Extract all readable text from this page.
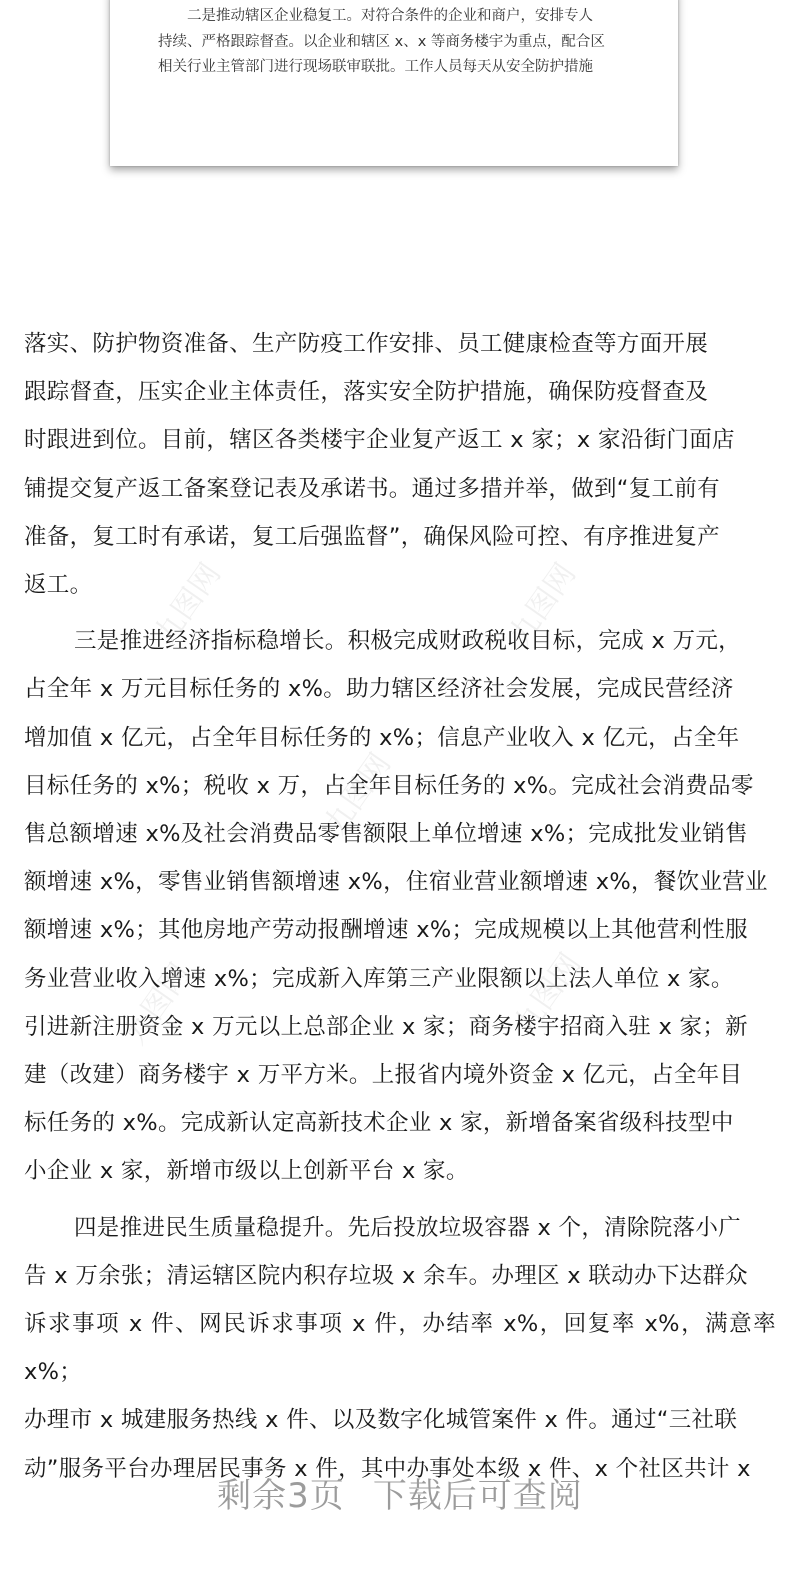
二是推动辖区企业稳复工。对符合条件的企业和商户，安排专人
持续、严格跟踪督查。以企业和辖区 x、x 等商务楼宇为重点，配合区
相关行业主管部门进行现场联审联批。工作人员每天从安全防护措施

落实、防护物资准备、生产防疫工作安排、员工健康检查等方面开展
跟踪督查，压实企业主体责任，落实安全防护措施，确保防疫督查及
时跟进到位。目前，辖区各类楼宇企业复产返工 x 家；x 家沿街门面店
铺提交复产返工备案登记表及承诺书。通过多措并举，做到“复工前有
准备，复工时有承诺，复工后强监督”，确保风险可控、有序推进复产
返工。

三是推进经济指标稳增长。积极完成财政税收目标，完成 x 万元，
占全年 x 万元目标任务的 x%。助力辖区经济社会发展，完成民营经济
增加值 x 亿元，占全年目标任务的 x%；信息产业收入 x 亿元，占全年
目标任务的 x%；税收 x 万，占全年目标任务的 x%。完成社会消费品零
售总额增速 x%及社会消费品零售额限上单位增速 x%；完成批发业销售
额增速 x%，零售业销售额增速 x%，住宿业营业额增速 x%，餐饮业营业
额增速 x%；其他房地产劳动报酬增速 x%；完成规模以上其他营利性服
务业营业收入增速 x%；完成新入库第三产业限额以上法人单位 x 家。
引进新注册资金 x 万元以上总部企业 x 家；商务楼宇招商入驻 x 家；新
建（改建）商务楼宇 x 万平方米。上报省内境外资金 x 亿元，占全年目
标任务的 x%。完成新认定高新技术企业 x 家，新增备案省级科技型中
小企业 x 家，新增市级以上创新平台 x 家。

四是推进民生质量稳提升。先后投放垃圾容器 x 个，清除院落小广
告 x 万余张；清运辖区院内积存垃圾 x 余车。办理区 x 联动办下达群众
诉求事项 x 件、网民诉求事项 x 件，办结率 x%，回复率 x%，满意率 x%；
办理市 x 城建服务热线 x 件、以及数字化城管案件 x 件。通过“三社联
动”服务平台办理居民事务 x 件，其中办事处本级 x 件、x 个社区共计 x

九图网	九图网
九图网
九图网	九图网
剩余3页 下载后可查阅
